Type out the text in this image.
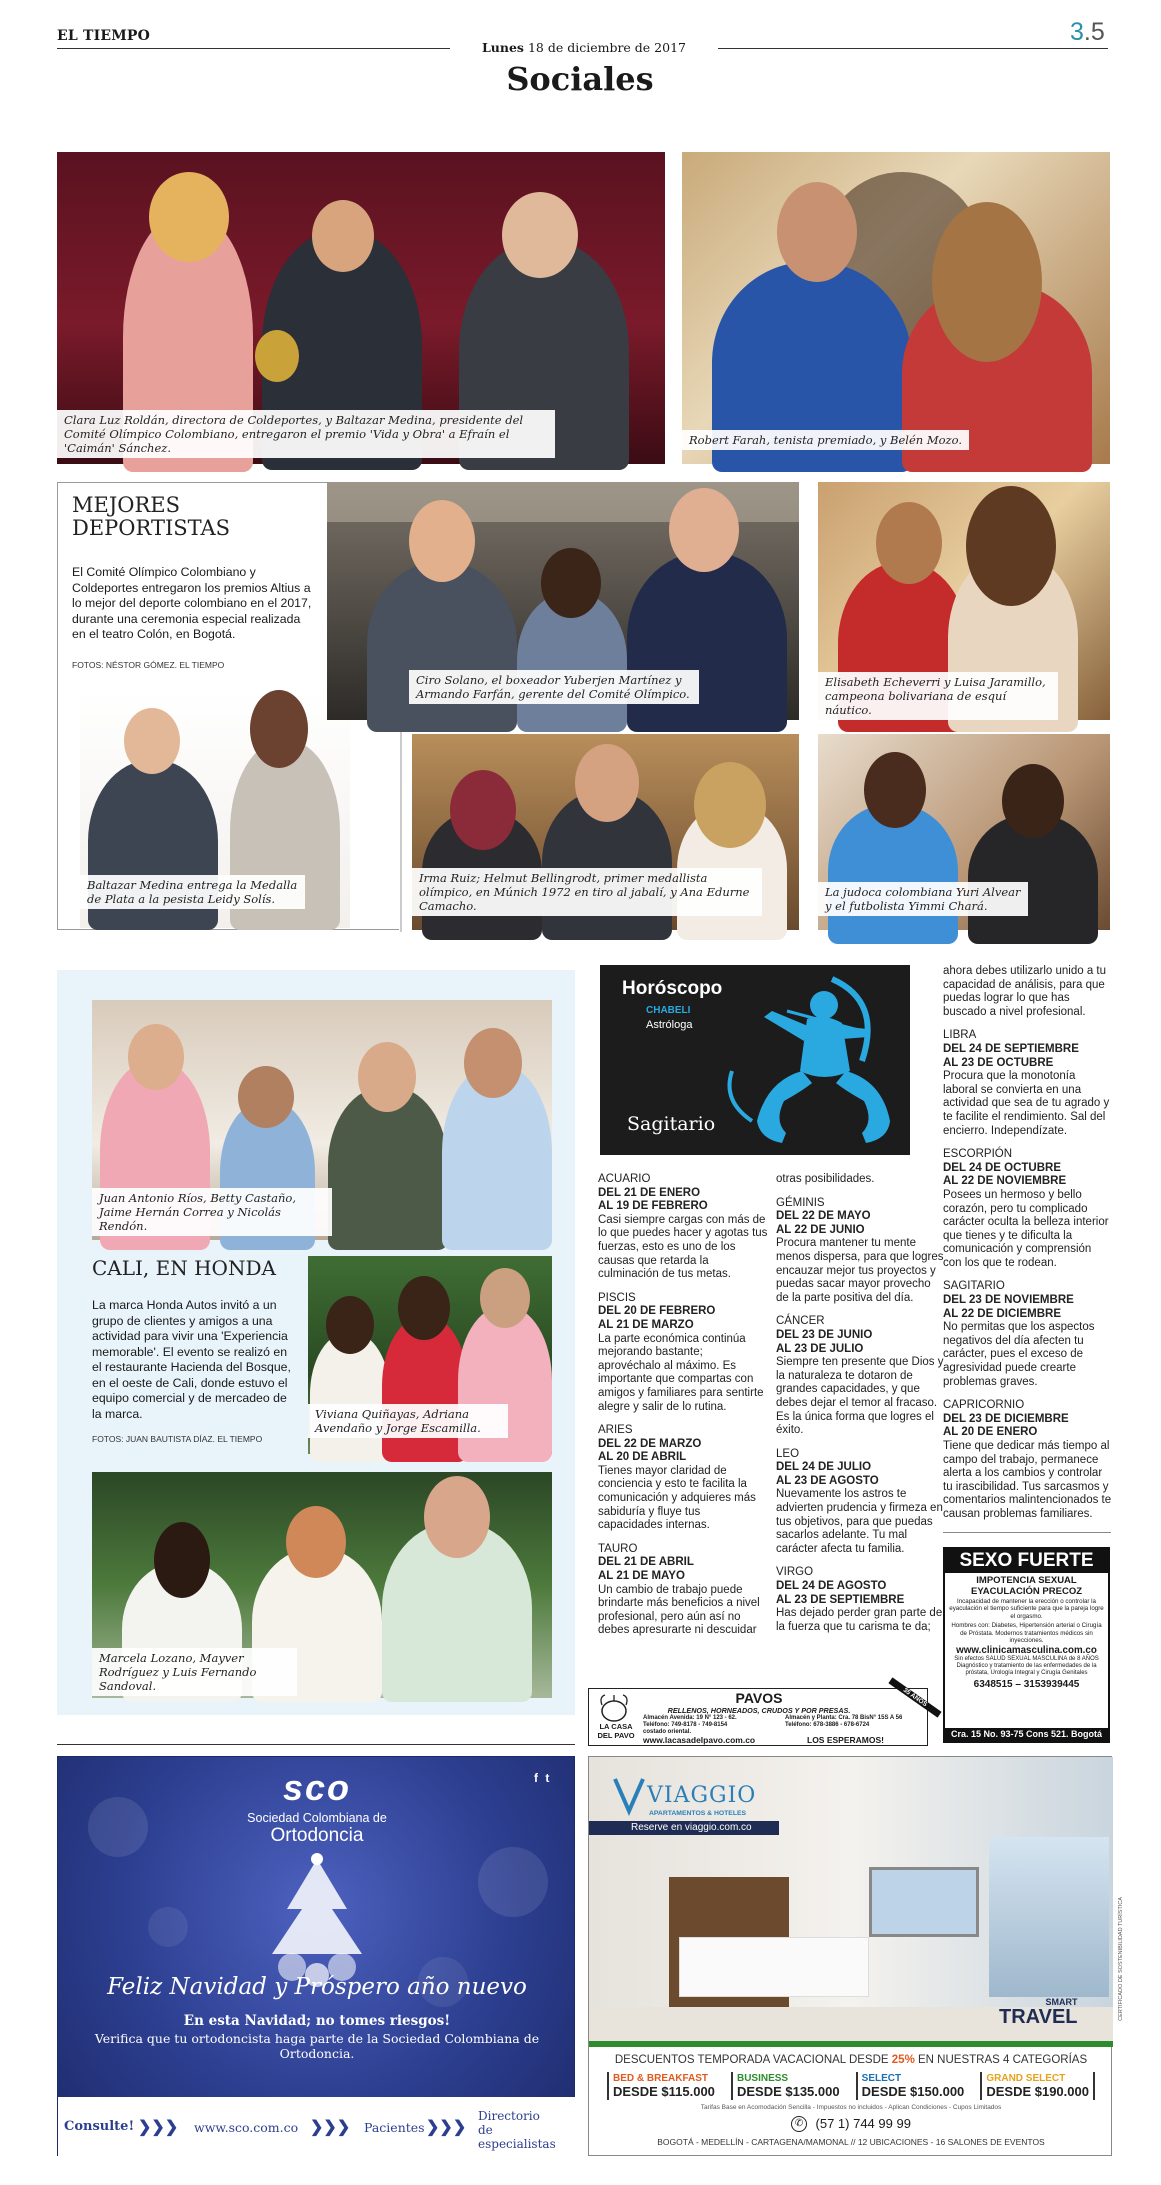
EL TIEMPO
Lunes 18 de diciembre de 2017
3.5
Sociales
Clara Luz Roldán, directora de Coldeportes, y Baltazar Medina, presidente del Comité Olímpico Colombiano, entregaron el premio 'Vida y Obra' a Efraín el 'Caimán' Sánchez.
Robert Farah, tenista premiado, y Belén Mozo.
MEJORES
DEPORTISTAS
El Comité Olímpico Colombiano y Coldeportes entregaron los premios Altius a lo mejor del deporte colombiano en el 2017, durante una ceremonia especial realizada en el teatro Colón, en Bogotá.
FOTOS: NÉSTOR GÓMEZ. EL TIEMPO
Baltazar Medina entrega la Medalla de Plata a la pesista Leidy Solís.
Ciro Solano, el boxeador Yuberjen Martínez y Armando Farfán, gerente del Comité Olímpico.
Elisabeth Echeverri y Luisa Jaramillo, campeona bolivariana de esquí náutico.
Irma Ruiz; Helmut Bellingrodt, primer medallista olímpico, en Múnich 1972 en tiro al jabalí, y Ana Edurne Camacho.
La judoca colombiana Yuri Alvear y el futbolista Yimmi Chará.
Juan Antonio Ríos, Betty Castaño, Jaime Hernán Correa y Nicolás Rendón.
CALI, EN HONDA
La marca Honda Autos invitó a un grupo de clientes y amigos a una actividad para vivir una 'Experiencia memorable'. El evento se realizó en el restaurante Hacienda del Bosque, en el oeste de Cali, donde estuvo el equipo comercial y de mercadeo de la marca.
FOTOS: JUAN BAUTISTA DÍAZ. EL TIEMPO
Viviana Quiñayas, Adriana Avendaño y Jorge Escamilla.
Marcela Lozano, Mayver Rodríguez y Luis Fernando Sandoval.
Horóscopo
CHABELI
Astróloga
Sagitario
ACUARIO
DEL 21 DE ENERO
AL 19 DE FEBRERO

Casi siempre cargas con más de lo que puedes hacer y agotas tus fuerzas, esto es uno de los causas que retarda la culminación de tus metas.

PISCIS
DEL 20 DE FEBRERO
AL 21 DE MARZO

La parte económica continúa mejorando bastante; aprovéchalo al máximo. Es importante que compartas con amigos y familiares para sentirte alegre y salir de lo rutina.

ARIES
DEL 22 DE MARZO
AL 20 DE ABRIL

Tienes mayor claridad de conciencia y esto te facilita la comunicación y adquieres más sabiduría y fluye tus capacidades internas.

TAURO
DEL 21 DE ABRIL
AL 21 DE MAYO

Un cambio de trabajo puede brindarte más beneficios a nivel profesional, pero aún así no debes apresurarte ni descuidar

otras posibilidades.

GÉMINIS
DEL 22 DE MAYO
AL 22 DE JUNIO

Procura mantener tu mente menos dispersa, para que logres encauzar mejor tus proyectos y puedas sacar mayor provecho de la parte positiva del día.

CÁNCER
DEL 23 DE JUNIO
AL 23 DE JULIO

Siempre ten presente que Dios y la naturaleza te dotaron de grandes capacidades, y que debes dejar el temor al fracaso. Es la única forma que logres el éxito.

LEO
DEL 24 DE JULIO
AL 23 DE AGOSTO

Nuevamente los astros te advierten prudencia y firmeza en tus objetivos, para que puedas sacarlos adelante. Tu mal carácter afecta tu familia.

VIRGO
DEL 24 DE AGOSTO
AL 23 DE SEPTIEMBRE

Has dejado perder gran parte de la fuerza que tu carisma te da;

ahora debes utilizarlo unido a tu capacidad de análisis, para que puedas lograr lo que has buscado a nivel profesional.

LIBRA
DEL 24 DE SEPTIEMBRE
AL 23 DE OCTUBRE

Procura que la monotonía laboral se convierta en una actividad que sea de tu agrado y te facilite el rendimiento. Sal del encierro. Independízate.

ESCORPIÓN
DEL 24 DE OCTUBRE
AL 22 DE NOVIEMBRE

Posees un hermoso y bello corazón, pero tu complicado carácter oculta la belleza interior que tienes y te dificulta la comunicación y comprensión con los que te rodean.

SAGITARIO
DEL 23 DE NOVIEMBRE
AL 22 DE DICIEMBRE

No permitas que los aspectos negativos del día afecten tu carácter, pues el exceso de agresividad puede crearte problemas graves.

CAPRICORNIO
DEL 23 DE DICIEMBRE
AL 20 DE ENERO

Tiene que dedicar más tiempo al campo del trabajo, permanece alerta a los cambios y controlar tu irascibilidad. Tus sarcasmos y comentarios malintencionados te causan problemas familiares.

SEXO FUERTE
IMPOTENCIA SEXUAL
EYACULACIÓN PRECOZ
Incapacidad de mantener la erección o controlar la eyaculación el tiempo suficiente para que la pareja logre el orgasmo.
Hombres con: Diabetes, Hipertensión arterial o Cirugía de Próstata. Modernos tratamientos médicos sin inyecciones.
www.clinicamasculina.com.co
Sin efectos SALUD SEXUAL MASCULINA de 8 AÑOS
Diagnóstico y tratamiento de las enfermedades de la próstata, Urología Integral y Cirugía Genitales
6348515 – 3153939445
Cra. 15 No. 93-75 Cons 521. Bogotá
LA CASA
DEL PAVO
PAVOS
RELLENOS, HORNEADOS, CRUDOS Y POR PRESAS.
Almacén Avenida: 19 N° 123 - 62.
Teléfono: 749-8178 - 749-8154
costado oriental.
Almacén y Planta: Cra. 78 BisN° 15S A 56
Teléfono: 678-3886 - 678-6724
www.lacasadelpavo.com.co	LOS ESPERAMOS!
35 AÑOS
sco
Sociedad Colombiana de
Ortodoncia
f t
Feliz Navidad y Próspero año nuevo
En esta Navidad; no tomes riesgos!
Verifica que tu ortodoncista haga parte de la Sociedad Colombiana de Ortodoncia.
Consulte! ❯❯❯ www.sco.com.co ❯❯❯ Pacientes ❯❯❯
Directorio
de especialistas
VIAGGIO
APARTAMENTOS & HOTELES
Reserve en viaggio.com.co
SMART
TRAVEL	CERTIFICADO DE SOSTENIBILIDAD TURÍSTICA
DESCUENTOS TEMPORADA VACACIONAL DESDE 25% EN NUESTRAS 4 CATEGORÍAS
BED & BREAKFAST
DESDE $115.000
BUSINESS
DESDE $135.000
SELECT
DESDE $150.000
GRAND SELECT
DESDE $190.000
Tarifas Base en Acomodación Sencilla - Impuestos no incluidos - Aplican Condiciones - Cupos Limitados
✆ (57 1) 744 99 99
BOGOTÁ - MEDELLÍN - CARTAGENA/MAMONAL // 12 UBICACIONES - 16 SALONES DE EVENTOS
